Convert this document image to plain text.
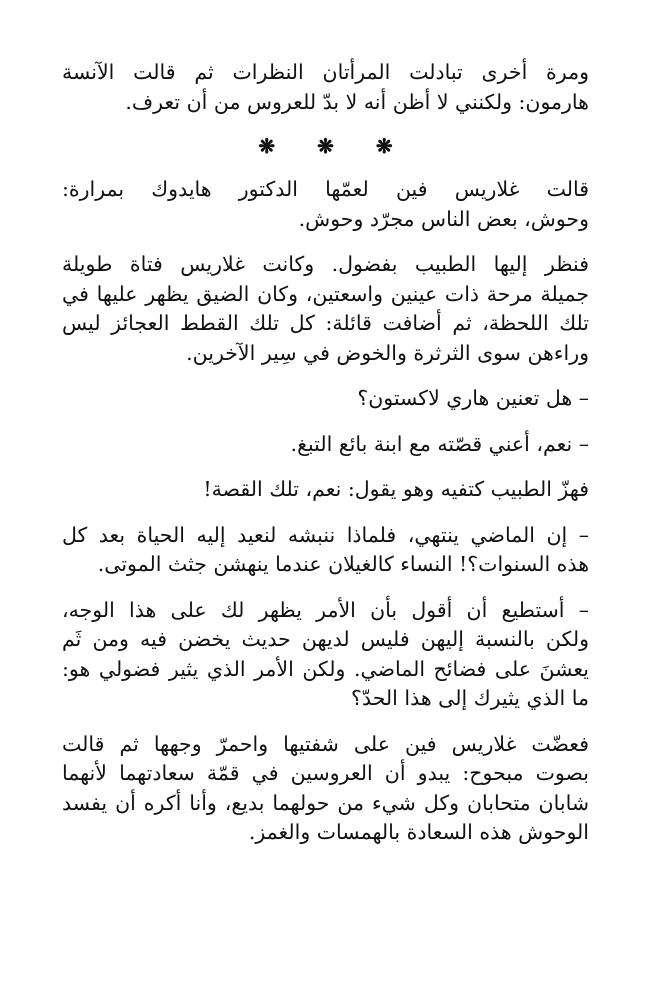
ومرة أخرى تبادلت المرأتان النظرات ثم قالت الآنسة
هارمون: ولكنني لا أظن أنه لا بدّ للعروس من أن تعرف.

❋ ❋ ❋

قالت غلاريس فين لعمّها الدكتور هايدوك بمرارة:
وحوش، بعض الناس مجرّد وحوش.

فنظر إليها الطبيب بفضول. وكانت غلاريس فتاة طويلة
جميلة مرحة ذات عينين واسعتين، وكان الضيق يظهر عليها في
تلك اللحظة، ثم أضافت قائلة: كل تلك القطط العجائز ليس
وراءهن سوى الثرثرة والخوض في سِير الآخرين.

– هل تعنين هاري لاكستون؟

– نعم، أعني قصّته مع ابنة بائع التبغ.

فهزّ الطبيب كتفيه وهو يقول: نعم، تلك القصة!

– إن الماضي ينتهي، فلماذا ننبشه لنعيد إليه الحياة بعد كل
هذه السنوات؟! النساء كالغيلان عندما ينهشن جثث الموتى.

– أستطيع أن أقول بأن الأمر يظهر لك على هذا الوجه،
ولكن بالنسبة إليهن فليس لديهن حديث يخضن فيه ومن ثَم
يعشنَ على فضائح الماضي. ولكن الأمر الذي يثير فضولي هو:
ما الذي يثيرك إلى هذا الحدّ؟

فعضّت غلاريس فين على شفتيها واحمرّ وجهها ثم قالت
بصوت مبحوح: يبدو أن العروسين في قمّة سعادتهما لأنهما
شابان متحابان وكل شيء من حولهما بديع، وأنا أكره أن يفسد
الوحوش هذه السعادة بالهمسات والغمز.
